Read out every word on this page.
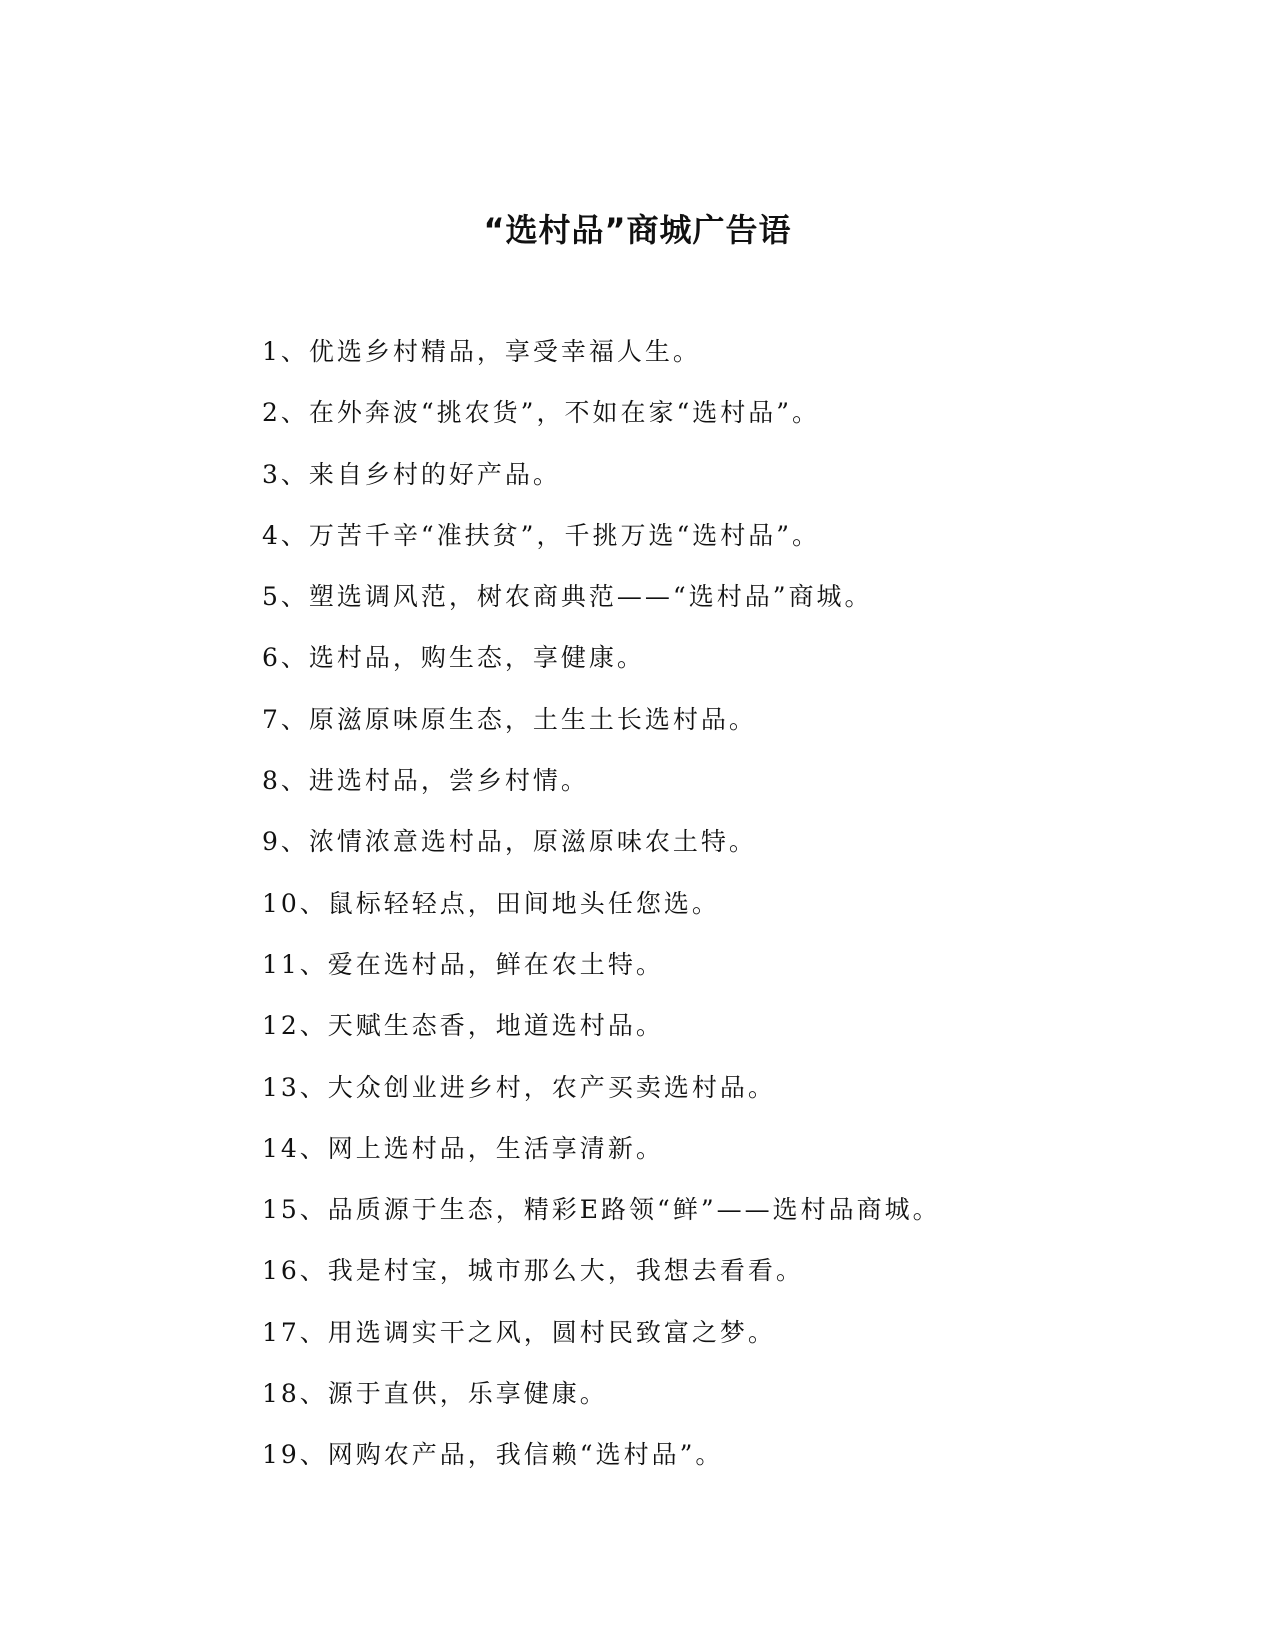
“选村品”商城广告语
1、优选乡村精品，享受幸福人生。
2、在外奔波“挑农货”，不如在家“选村品”。
3、来自乡村的好产品。
4、万苦千辛“准扶贫”，千挑万选“选村品”。
5、塑选调风范，树农商典范——“选村品”商城。
6、选村品，购生态，享健康。
7、原滋原味原生态，土生土长选村品。
8、进选村品，尝乡村情。
9、浓情浓意选村品，原滋原味农土特。
10、鼠标轻轻点，田间地头任您选。
11、爱在选村品，鲜在农土特。
12、天赋生态香，地道选村品。
13、大众创业进乡村，农产买卖选村品。
14、网上选村品，生活享清新。
15、品质源于生态，精彩E路领“鲜”——选村品商城。
16、我是村宝，城市那么大，我想去看看。
17、用选调实干之风，圆村民致富之梦。
18、源于直供，乐享健康。
19、网购农产品，我信赖“选村品”。
